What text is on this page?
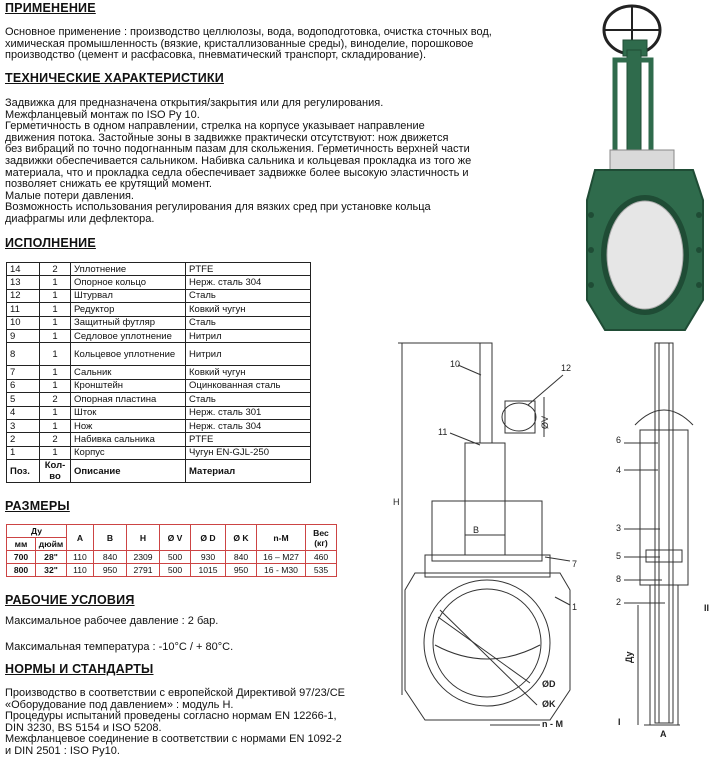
ПРИМЕНЕНИЕ
Основное применение : производство целлюлозы, вода, водоподготовка, очистка сточных вод,
химическая промышленность (вязкие, кристаллизованные среды), виноделие, порошковое
производство (цемент и расфасовка, пневматический транспорт, складирование).
ТЕХНИЧЕСКИЕ ХАРАКТЕРИСТИКИ
Задвижка для предназначена открытия/закрытия или для регулирования.
Межфланцевый монтаж по ISO Ру 10.
Герметичность в одном направлении, стрелка на корпусе указывает направление
движения потока. Застойные зоны в задвижке практически отсутствуют: нож движется
без вибраций по точно подогнанным пазам для скольжения. Герметичность верхней части
задвижки обеспечивается сальником. Набивка сальника и кольцевая прокладка из того же
материала, что и прокладка седла обеспечивает задвижке более высокую эластичность и
позволяет снижать ее крутящий момент.
Малые потери давления.
Возможность использования регулирования для вязких сред при установке кольца
диафрагмы или дефлектора.
ИСПОЛНЕНИЕ
14	2	Уплотнение	PTFE
13	1	Опорное кольцо	Нерж. сталь 304
12	1	Штурвал	Сталь
11	1	Редуктор	Ковкий чугун
10	1	Защитный футляр	Сталь
9	1	Седловое уплотнение	Нитрил
8	1	Кольцевое уплотнение	Нитрил
7	1	Сальник	Ковкий чугун
6	1	Кронштейн	Оцинкованная сталь
5	2	Опорная пластина	Сталь
4	1	Шток	Нерж. сталь 301
3	1	Нож	Нерж. сталь 304
2	2	Набивка сальника	PTFE
1	1	Корпус	Чугун EN-GJL-250
Поз.	Кол-во	Описание	Материал
РАЗМЕРЫ
Ду		A	B	H	Ø V	Ø D	Ø K	n-M	Вес (кг)
мм	дюйм								
700	28"	110	840	2309	500	930	840	16 – M27	460
800	32"	110	950	2791	500	1015	950	16 - M30	535
РАБОЧИЕ УСЛОВИЯ
Максимальное рабочее давление : 2 бар.
Максимальная температура : -10°C / + 80°C.
НОРМЫ И СТАНДАРТЫ
Производство в соответствии с европейской Директивой 97/23/CE
«Оборудование под давлением» : модуль Н.
Процедуры испытаний проведены согласно нормам EN 12266-1,
DIN 3230, BS 5154 и ISO 5208.
Межфланцевое соединение в соответствии с нормами EN 1092-2
и DIN 2501 : ISO Ру10.
10	12
11
ØV
H
B
7
1
ØD
ØK
n - M
6
4
3
5
8
2
II
I
Ду
A
